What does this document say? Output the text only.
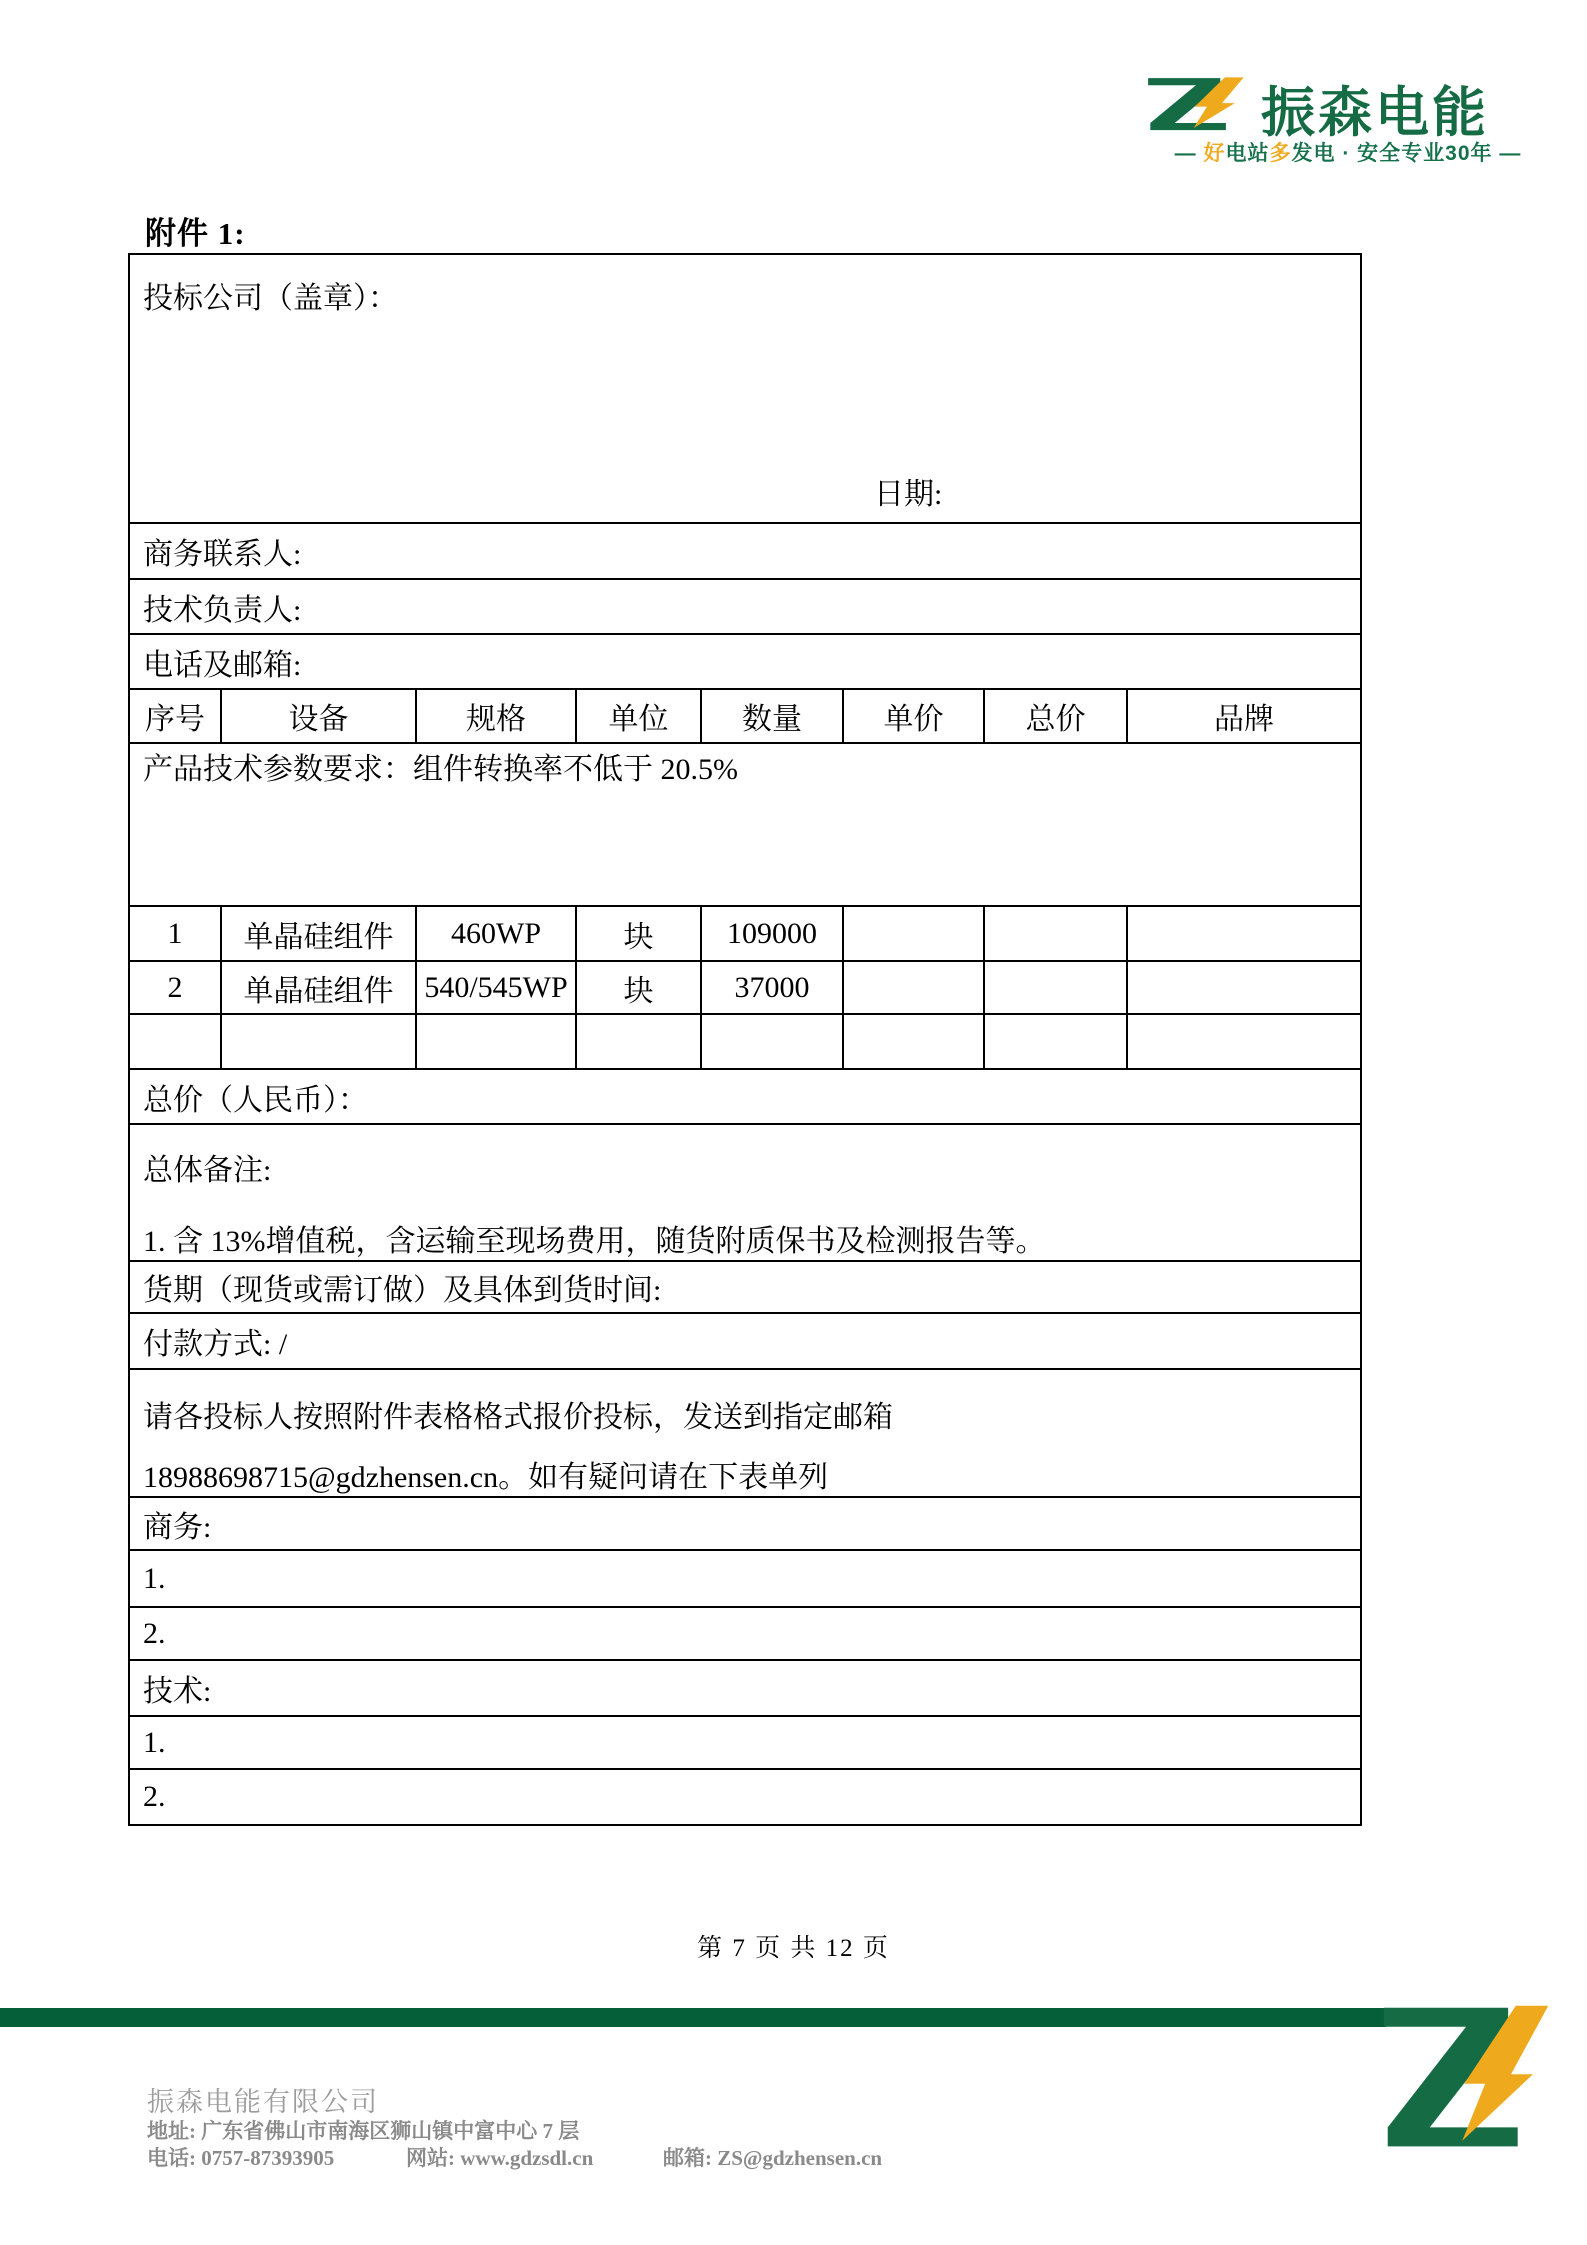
振森电能
— 好电站多发电 · 安全专业30年 —
附件 1:
投标公司（盖章）：
日期:							

商务联系人:							
技术负责人:							
电话及邮箱:							
序号	设备	规格	单位	数量	单价	总价	品牌
产品技术参数要求：组件转换率不低于 20.5%							
1	单晶硅组件	460WP	块	109000			
2	单晶硅组件	540/545WP	块	37000			

总价（人民币）：							

总体备注:

1. 含 13%增值税，含运输至现场费用，随货附质保书及检测报告等。							

货期（现货或需订做）及具体到货时间:							
付款方式: /							

请各投标人按照附件表格格式报价投标，发送到指定邮箱

18988698715@gdzhensen.cn。如有疑问请在下表单列							

商务:							
1.							
2.							
技术:							
1.							
2.							
第 7 页 共 12 页
振森电能有限公司
地址: 广东省佛山市南海区狮山镇中富中心 7 层
电话: 0757-87393905	网站: www.gdzsdl.cn	邮箱: ZS@gdzhensen.cn
